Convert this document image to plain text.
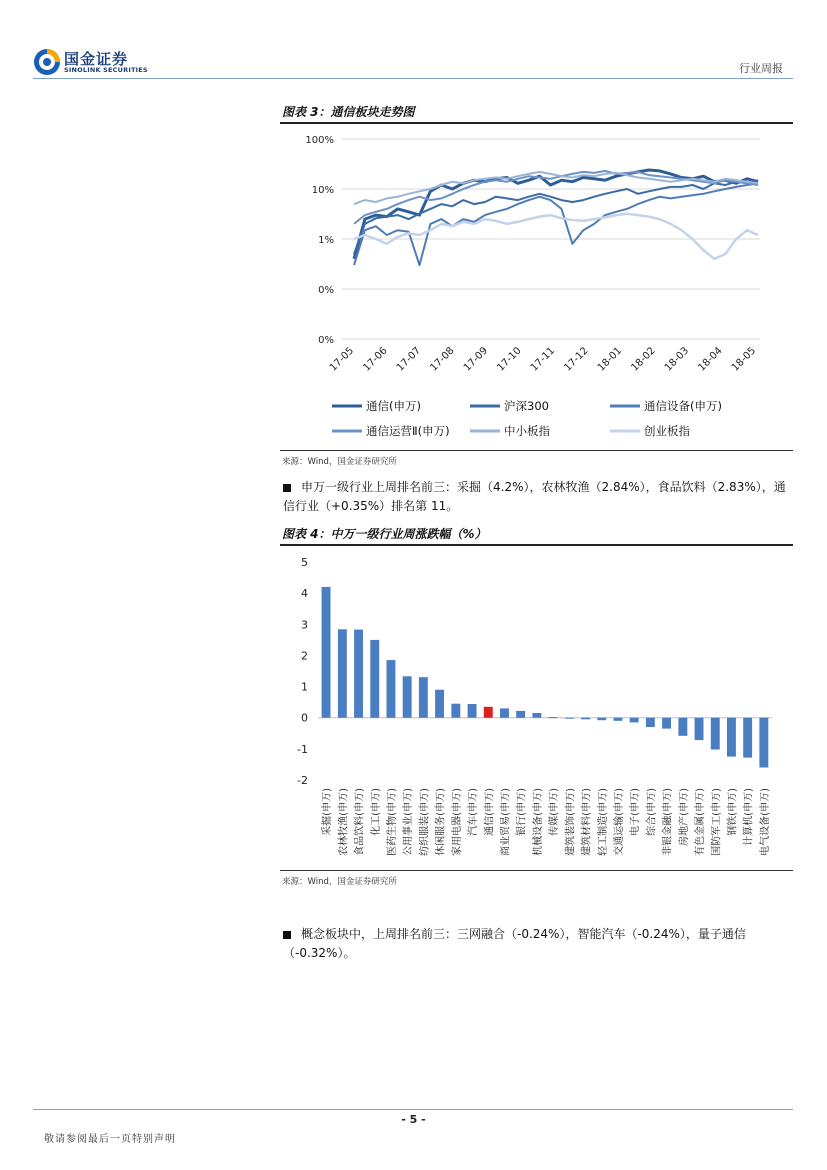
国金证券
SINOLINK SECURITIES	行业周报
图表 3：通信板块走势图
100%
10%
1%
0%
0%
17-05 17-06 17-07 17-08 17-09 17-10 17-11 17-12 18-01 18-02 18-03 18-04 18-05
通信(申万)	沪深300	通信设备(申万)
通信运营Ⅱ(申万)	中小板指	创业板指
来源：Wind，国金证券研究所
申万一级行业上周排名前三：采掘（4.2%），农林牧渔（2.84%），食品饮料（2.83%），通信行业（+0.35%）排名第 11。
图表 4：中万一级行业周涨跌幅（%）
5
4
3
2
1
0
-1
-2
采掘(申万) 农林牧渔(申万) 食品饮料(申万) 化工(申万) 医药生物(申万) 公用事业(申万) 纺织服装(申万) 休闲服务(申万) 家用电器(申万) 汽车(申万) 通信(申万) 商业贸易(申万) 银行(申万) 机械设备(申万) 传媒(申万) 建筑装饰(申万) 建筑材料(申万) 轻工制造(申万) 交通运输(申万) 电子(申万) 综合(申万) 非银金融(申万) 房地产(申万) 有色金属(申万) 国防军工(申万) 钢铁(申万) 计算机(申万) 电气设备(申万)
来源：Wind，国金证券研究所
概念板块中，上周排名前三：三网融合（-0.24%），智能汽车（-0.24%），量子通信（-0.32%）。
- 5 -
敬请参阅最后一页特别声明
